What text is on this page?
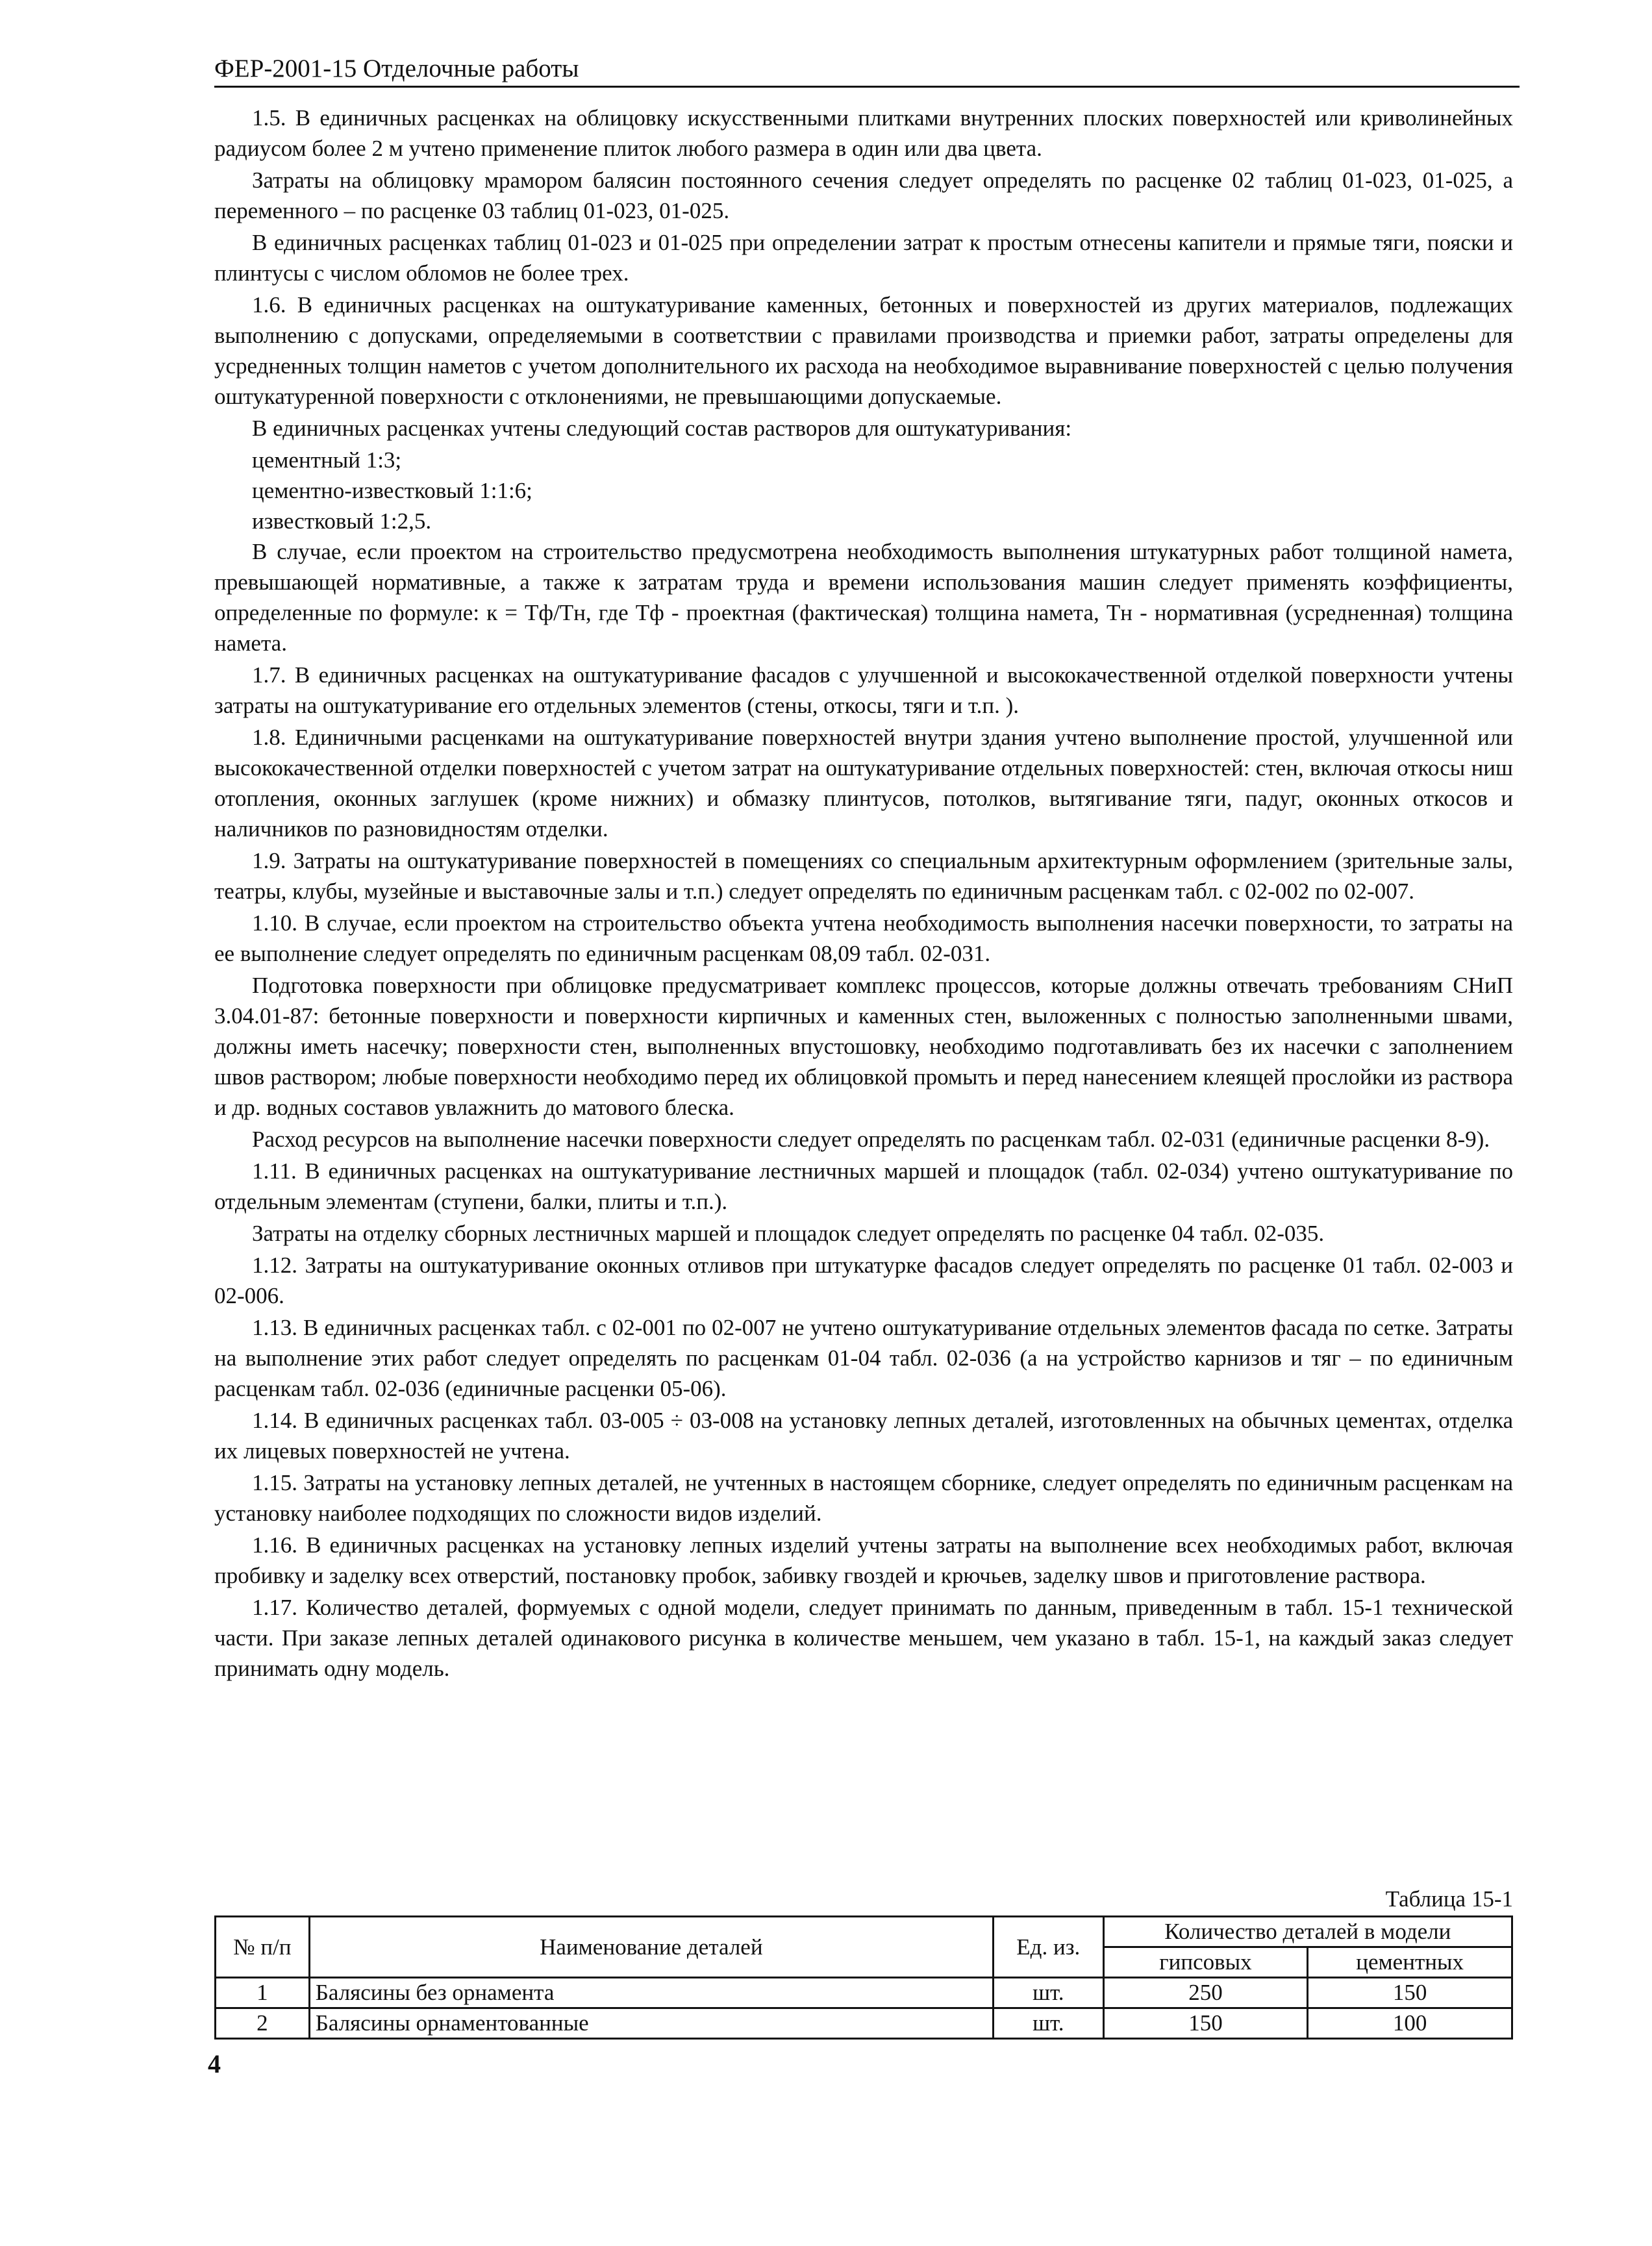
ФЕР-2001-15 Отделочные работы

1.5. В единичных расценках на облицовку искусственными плитками внутренних плоских поверхностей или криволинейных радиусом более 2 м учтено применение плиток любого размера в один или два цвета.

Затраты на облицовку мрамором балясин постоянного сечения следует определять по расценке 02 таблиц 01-023, 01-025, а переменного – по расценке 03 таблиц 01-023, 01-025.

В единичных расценках таблиц 01-023 и 01-025 при определении затрат к простым отнесены капители и прямые тяги, пояски и плинтусы с числом обломов не более трех.

1.6. В единичных расценках на оштукатуривание каменных, бетонных и поверхностей из других материалов, подлежащих выполнению с допусками, определяемыми в соответствии с правилами производства и приемки работ, затраты определены для усредненных толщин наметов с учетом дополнительного их расхода на необходимое выравнивание поверхностей с целью получения оштукатуренной поверхности с отклонениями, не превышающими допускаемые.

В единичных расценках учтены следующий состав растворов для оштукатуривания:

цементный 1:3;

цементно-известковый 1:1:6;

известковый 1:2,5.

В случае, если проектом на строительство предусмотрена необходимость выполнения штукатурных работ толщиной намета, превышающей нормативные, а также к затратам труда и времени использования машин следует применять коэффициенты, определенные по формуле: к = Тф/Тн, где Тф - проектная (фактическая) толщина намета, Тн - нормативная (усредненная) толщина намета.

1.7. В единичных расценках на оштукатуривание фасадов с улучшенной и высококачественной отделкой поверхности учтены затраты на оштукатуривание его отдельных элементов (стены, откосы, тяги и т.п. ).

1.8. Единичными расценками на оштукатуривание поверхностей внутри здания учтено выполнение простой, улучшенной или высококачественной отделки поверхностей с учетом затрат на оштукатуривание отдельных поверхностей: стен, включая откосы ниш отопления, оконных заглушек (кроме нижних) и обмазку плинтусов, потолков, вытягивание тяги, падуг, оконных откосов и наличников по разновидностям отделки.

1.9. Затраты на оштукатуривание поверхностей в помещениях со специальным архитектурным оформлением (зрительные залы, театры, клубы, музейные и выставочные залы и т.п.) следует определять по единичным расценкам табл. с 02-002 по 02-007.

1.10. В случае, если проектом на строительство объекта учтена необходимость выполнения насечки поверхности, то затраты на ее выполнение следует определять по единичным расценкам 08,09 табл. 02-031.

Подготовка поверхности при облицовке предусматривает комплекс процессов, которые должны отвечать требованиям СНиП 3.04.01-87: бетонные поверхности и поверхности кирпичных и каменных стен, выложенных с полностью заполненными швами, должны иметь насечку; поверхности стен, выполненных впустошовку, необходимо подготавливать без их насечки с заполнением швов раствором; любые поверхности необходимо перед их облицовкой промыть и перед нанесением клеящей прослойки из раствора и др. водных составов увлажнить до матового блеска.

Расход ресурсов на выполнение насечки поверхности следует определять по расценкам табл. 02-031 (единичные расценки 8-9).

1.11. В единичных расценках на оштукатуривание лестничных маршей и площадок (табл. 02-034) учтено оштукатуривание по отдельным элементам (ступени, балки, плиты и т.п.).

Затраты на отделку сборных лестничных маршей и площадок следует определять по расценке 04 табл. 02-035.

1.12. Затраты на оштукатуривание оконных отливов при штукатурке фасадов следует определять по расценке 01 табл. 02-003 и 02-006.

1.13. В единичных расценках табл. с 02-001 по 02-007 не учтено оштукатуривание отдельных элементов фасада по сетке. Затраты на выполнение этих работ следует определять по расценкам 01-04 табл. 02-036 (а на устройство карнизов и тяг – по единичным расценкам табл. 02-036 (единичные расценки 05-06).

1.14. В единичных расценках табл. 03-005 ÷ 03-008 на установку лепных деталей, изготовленных на обычных цементах, отделка их лицевых поверхностей не учтена.

1.15. Затраты на установку лепных деталей, не учтенных в настоящем сборнике, следует определять по единичным расценкам на установку наиболее подходящих по сложности видов изделий.

1.16. В единичных расценках на установку лепных изделий учтены затраты на выполнение всех необходимых работ, включая пробивку и заделку всех отверстий, постановку пробок, забивку гвоздей и крючьев, заделку швов и приготовление раствора.

1.17. Количество деталей, формуемых с одной модели, следует принимать по данным, приведенным в табл. 15-1 технической части. При заказе лепных деталей одинакового рисунка в количестве меньшем, чем указано в табл. 15-1, на каждый заказ следует принимать одну модель.

Таблица 15-1
№ п/п	Наименование деталей	Ед. из.	Количество деталей в модели	
			гипсовых	цементных
1	Балясины без орнамента	шт.	250	150
2	Балясины орнаментованные	шт.	150	100
4
